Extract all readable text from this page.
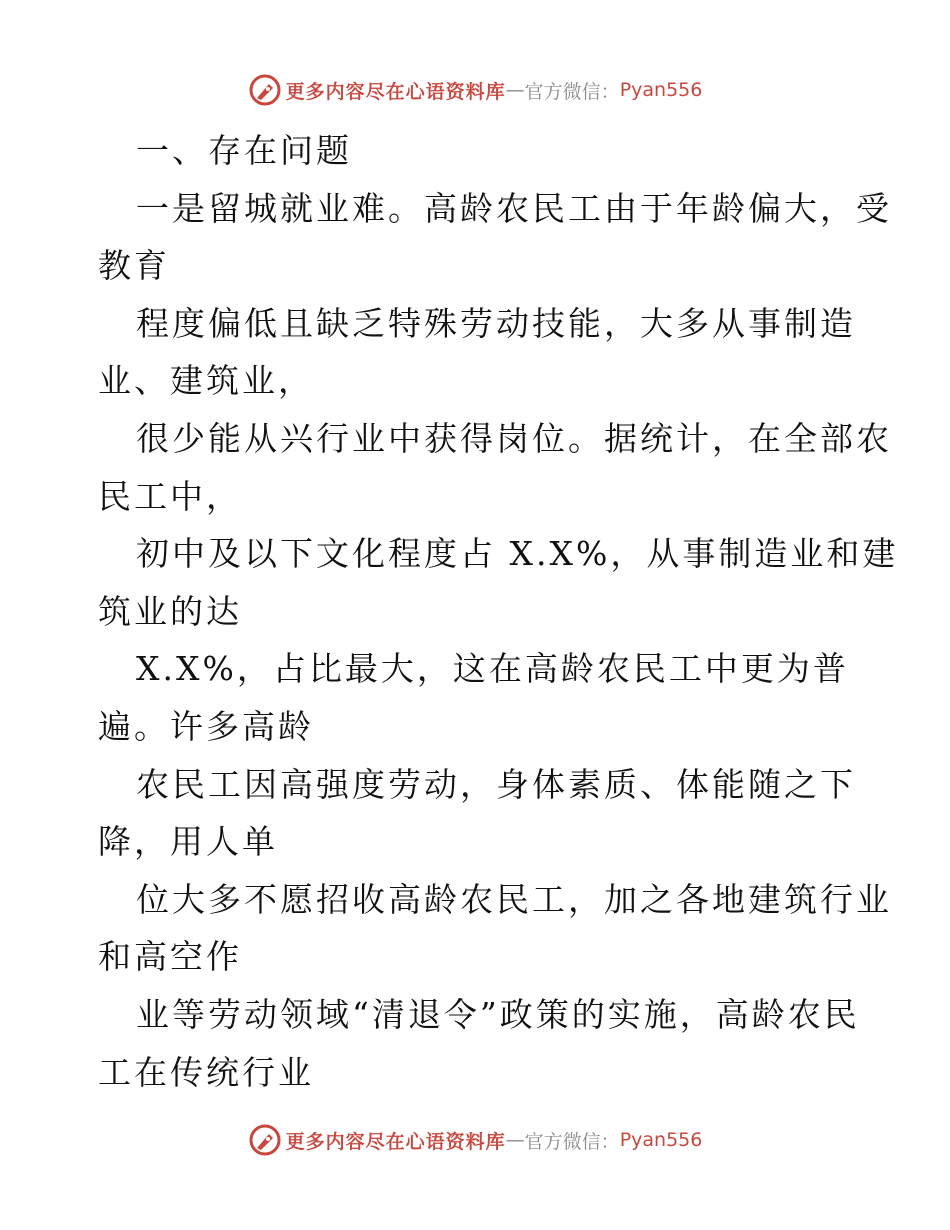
更多内容尽在心语资料库 — 官方微信： Pyan556
一、存在问题
一是留城就业难。高龄农民工由于年龄偏大，受
教育
程度偏低且缺乏特殊劳动技能，大多从事制造
业、建筑业，
很少能从兴行业中获得岗位。据统计，在全部农
民工中，
初中及以下文化程度占 X.X%，从事制造业和建
筑业的达
X.X%，占比最大，这在高龄农民工中更为普
遍。许多高龄
农民工因高强度劳动，身体素质、体能随之下
降，用人单
位大多不愿招收高龄农民工，加之各地建筑行业
和高空作
业等劳动领域“清退令”政策的实施，高龄农民
工在传统行业
更多内容尽在心语资料库 — 官方微信： Pyan556
